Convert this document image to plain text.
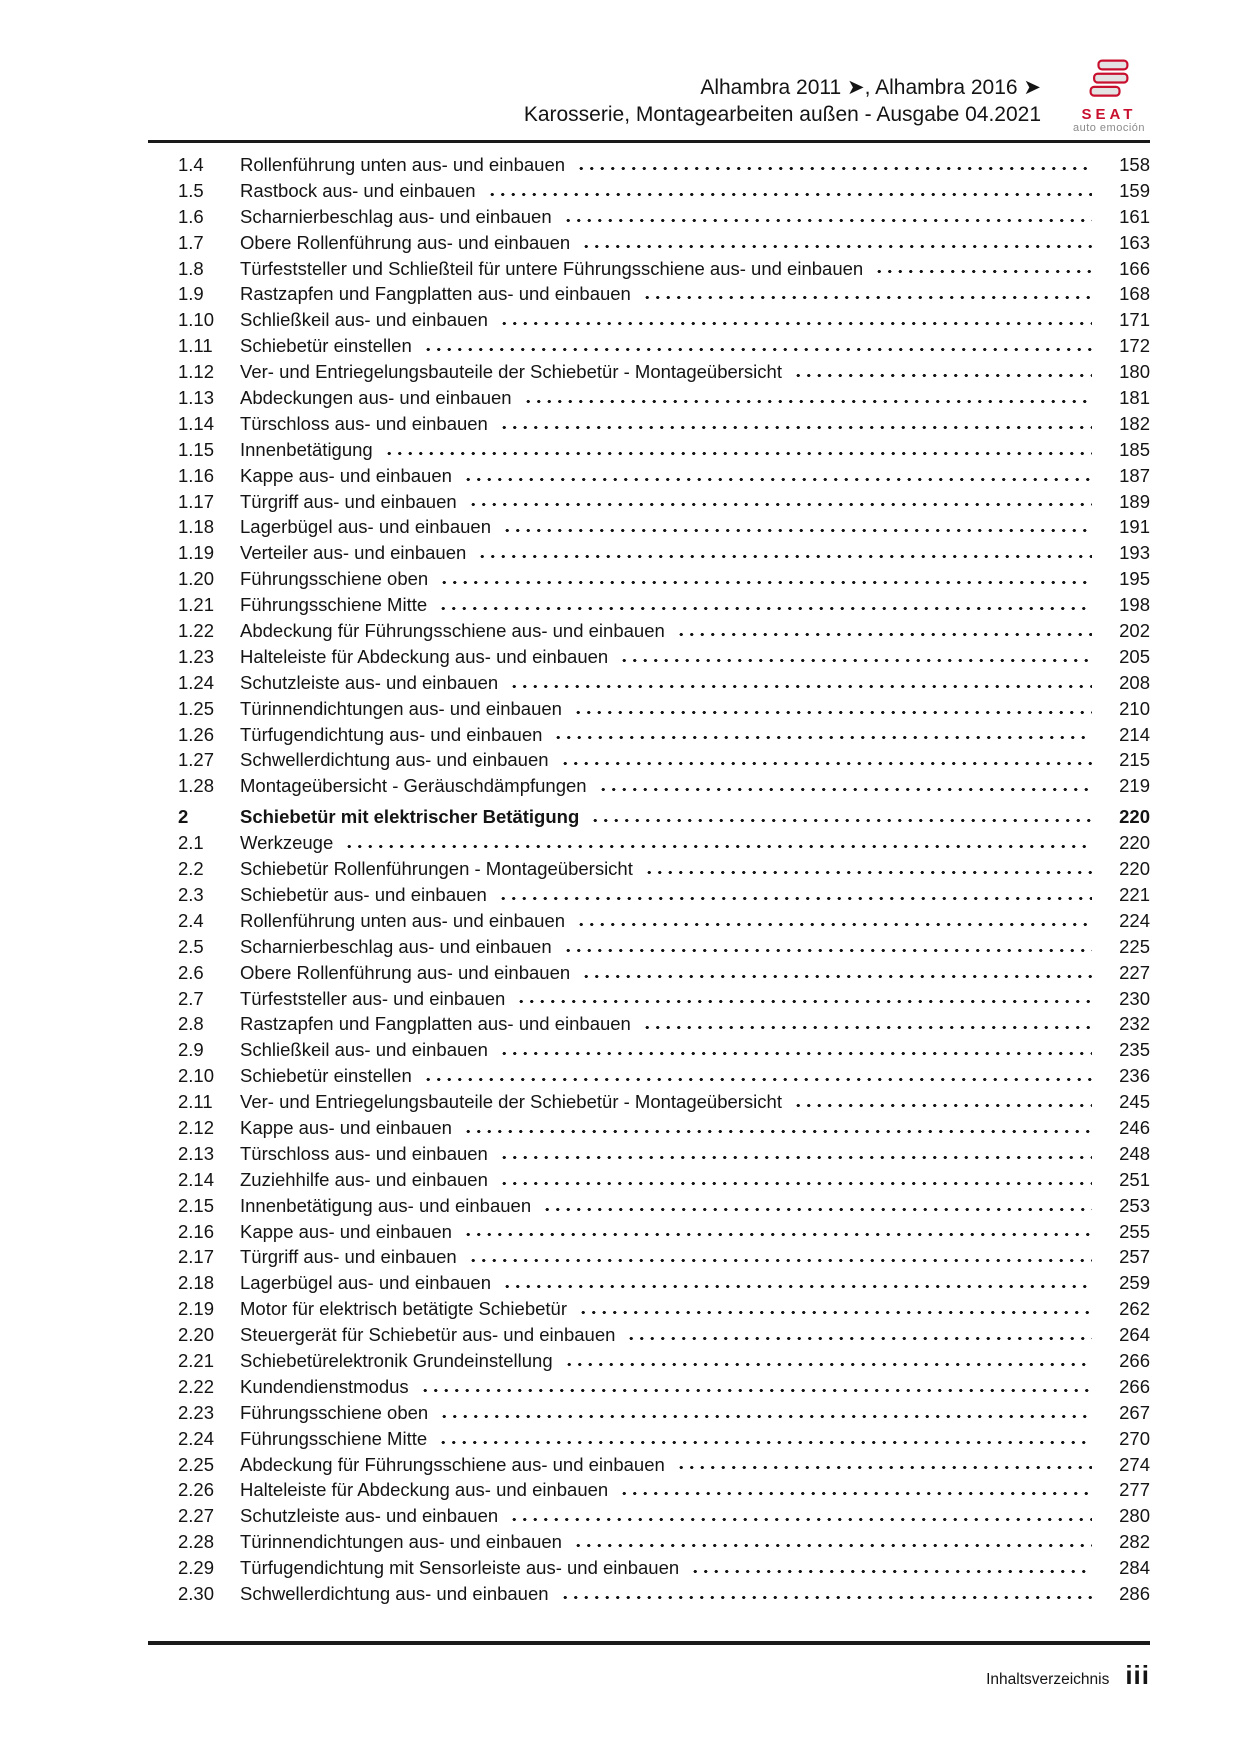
Alhambra 2011 ➤, Alhambra 2016 ➤
Karosserie, Montagearbeiten außen - Ausgabe 04.2021	SEAT
auto emoción
1.4	Rollenführung unten aus- und einbauen	158
1.5	Rastbock aus- und einbauen	159
1.6	Scharnierbeschlag aus- und einbauen	161
1.7	Obere Rollenführung aus- und einbauen	163
1.8	Türfeststeller und Schließteil für untere Führungsschiene aus- und einbauen	166
1.9	Rastzapfen und Fangplatten aus- und einbauen	168
1.10	Schließkeil aus- und einbauen	171
1.11	Schiebetür einstellen	172
1.12	Ver- und Entriegelungsbauteile der Schiebetür - Montageübersicht	180
1.13	Abdeckungen aus- und einbauen	181
1.14	Türschloss aus- und einbauen	182
1.15	Innenbetätigung	185
1.16	Kappe aus- und einbauen	187
1.17	Türgriff aus- und einbauen	189
1.18	Lagerbügel aus- und einbauen	191
1.19	Verteiler aus- und einbauen	193
1.20	Führungsschiene oben	195
1.21	Führungsschiene Mitte	198
1.22	Abdeckung für Führungsschiene aus- und einbauen	202
1.23	Halteleiste für Abdeckung aus- und einbauen	205
1.24	Schutzleiste aus- und einbauen	208
1.25	Türinnendichtungen aus- und einbauen	210
1.26	Türfugendichtung aus- und einbauen	214
1.27	Schwellerdichtung aus- und einbauen	215
1.28	Montageübersicht - Geräuschdämpfungen	219
2	Schiebetür mit elektrischer Betätigung	220
2.1	Werkzeuge	220
2.2	Schiebetür Rollenführungen - Montageübersicht	220
2.3	Schiebetür aus- und einbauen	221
2.4	Rollenführung unten aus- und einbauen	224
2.5	Scharnierbeschlag aus- und einbauen	225
2.6	Obere Rollenführung aus- und einbauen	227
2.7	Türfeststeller aus- und einbauen	230
2.8	Rastzapfen und Fangplatten aus- und einbauen	232
2.9	Schließkeil aus- und einbauen	235
2.10	Schiebetür einstellen	236
2.11	Ver- und Entriegelungsbauteile der Schiebetür - Montageübersicht	245
2.12	Kappe aus- und einbauen	246
2.13	Türschloss aus- und einbauen	248
2.14	Zuziehhilfe aus- und einbauen	251
2.15	Innenbetätigung aus- und einbauen	253
2.16	Kappe aus- und einbauen	255
2.17	Türgriff aus- und einbauen	257
2.18	Lagerbügel aus- und einbauen	259
2.19	Motor für elektrisch betätigte Schiebetür	262
2.20	Steuergerät für Schiebetür aus- und einbauen	264
2.21	Schiebetürelektronik Grundeinstellung	266
2.22	Kundendienstmodus	266
2.23	Führungsschiene oben	267
2.24	Führungsschiene Mitte	270
2.25	Abdeckung für Führungsschiene aus- und einbauen	274
2.26	Halteleiste für Abdeckung aus- und einbauen	277
2.27	Schutzleiste aus- und einbauen	280
2.28	Türinnendichtungen aus- und einbauen	282
2.29	Türfugendichtung mit Sensorleiste aus- und einbauen	284
2.30	Schwellerdichtung aus- und einbauen	286
Inhaltsverzeichnis iii
